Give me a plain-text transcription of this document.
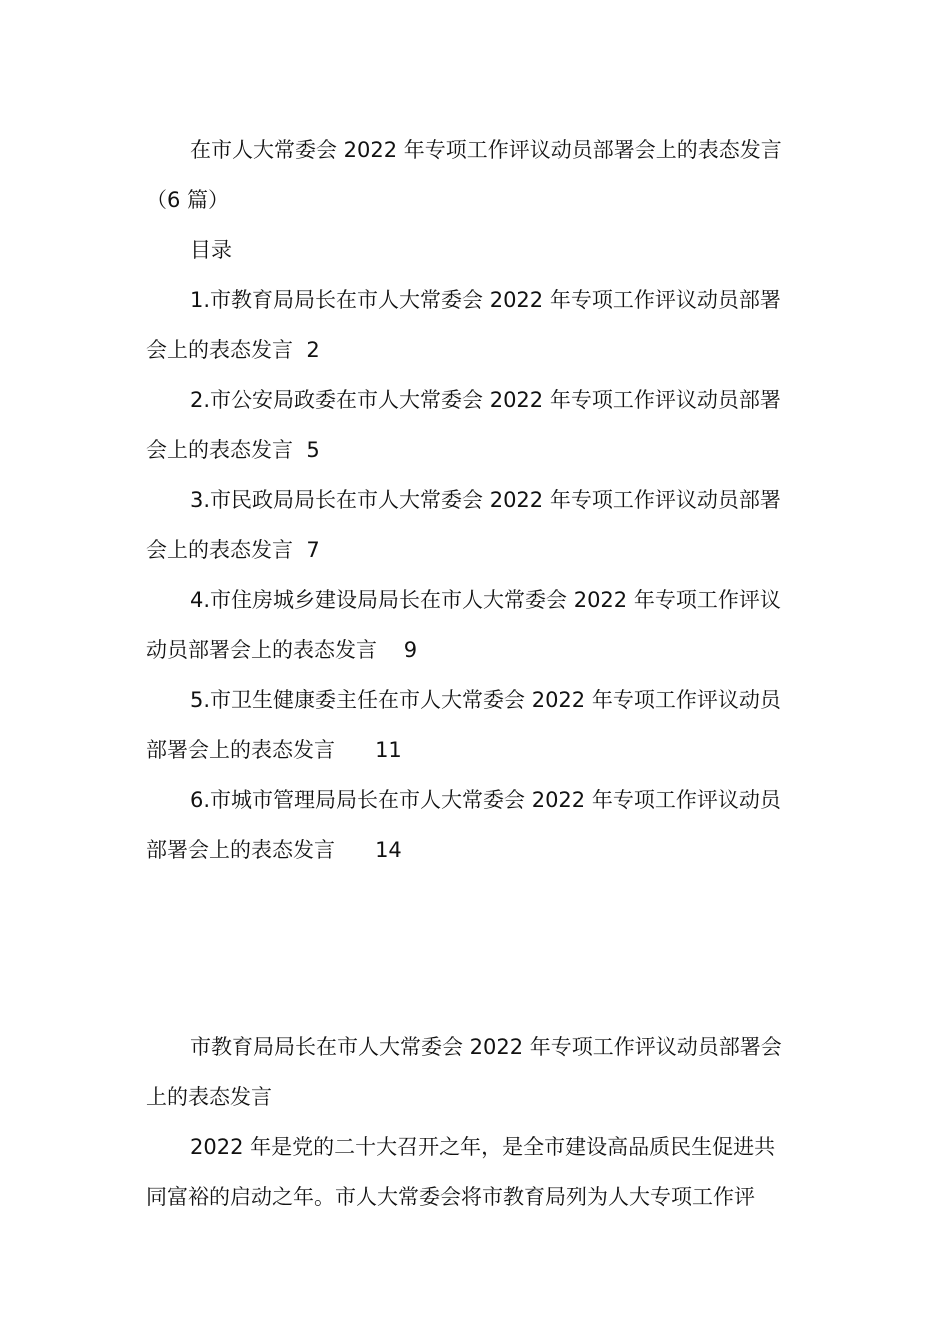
在市人大常委会 2022 年专项工作评议动员部署会上的表态发言
（6 篇）
目录
1.市教育局局长在市人大常委会 2022 年专项工作评议动员部署
会上的表态发言 2
2.市公安局政委在市人大常委会 2022 年专项工作评议动员部署
会上的表态发言 5
3.市民政局局长在市人大常委会 2022 年专项工作评议动员部署
会上的表态发言 7
4.市住房城乡建设局局长在市人大常委会 2022 年专项工作评议
动员部署会上的表态发言 9
5.市卫生健康委主任在市人大常委会 2022 年专项工作评议动员
部署会上的表态发言 11
6.市城市管理局局长在市人大常委会 2022 年专项工作评议动员
部署会上的表态发言 14
市教育局局长在市人大常委会 2022 年专项工作评议动员部署会
上的表态发言
2022 年是党的二十大召开之年，是全市建设高品质民生促进共
同富裕的启动之年。市人大常委会将市教育局列为人大专项工作评
